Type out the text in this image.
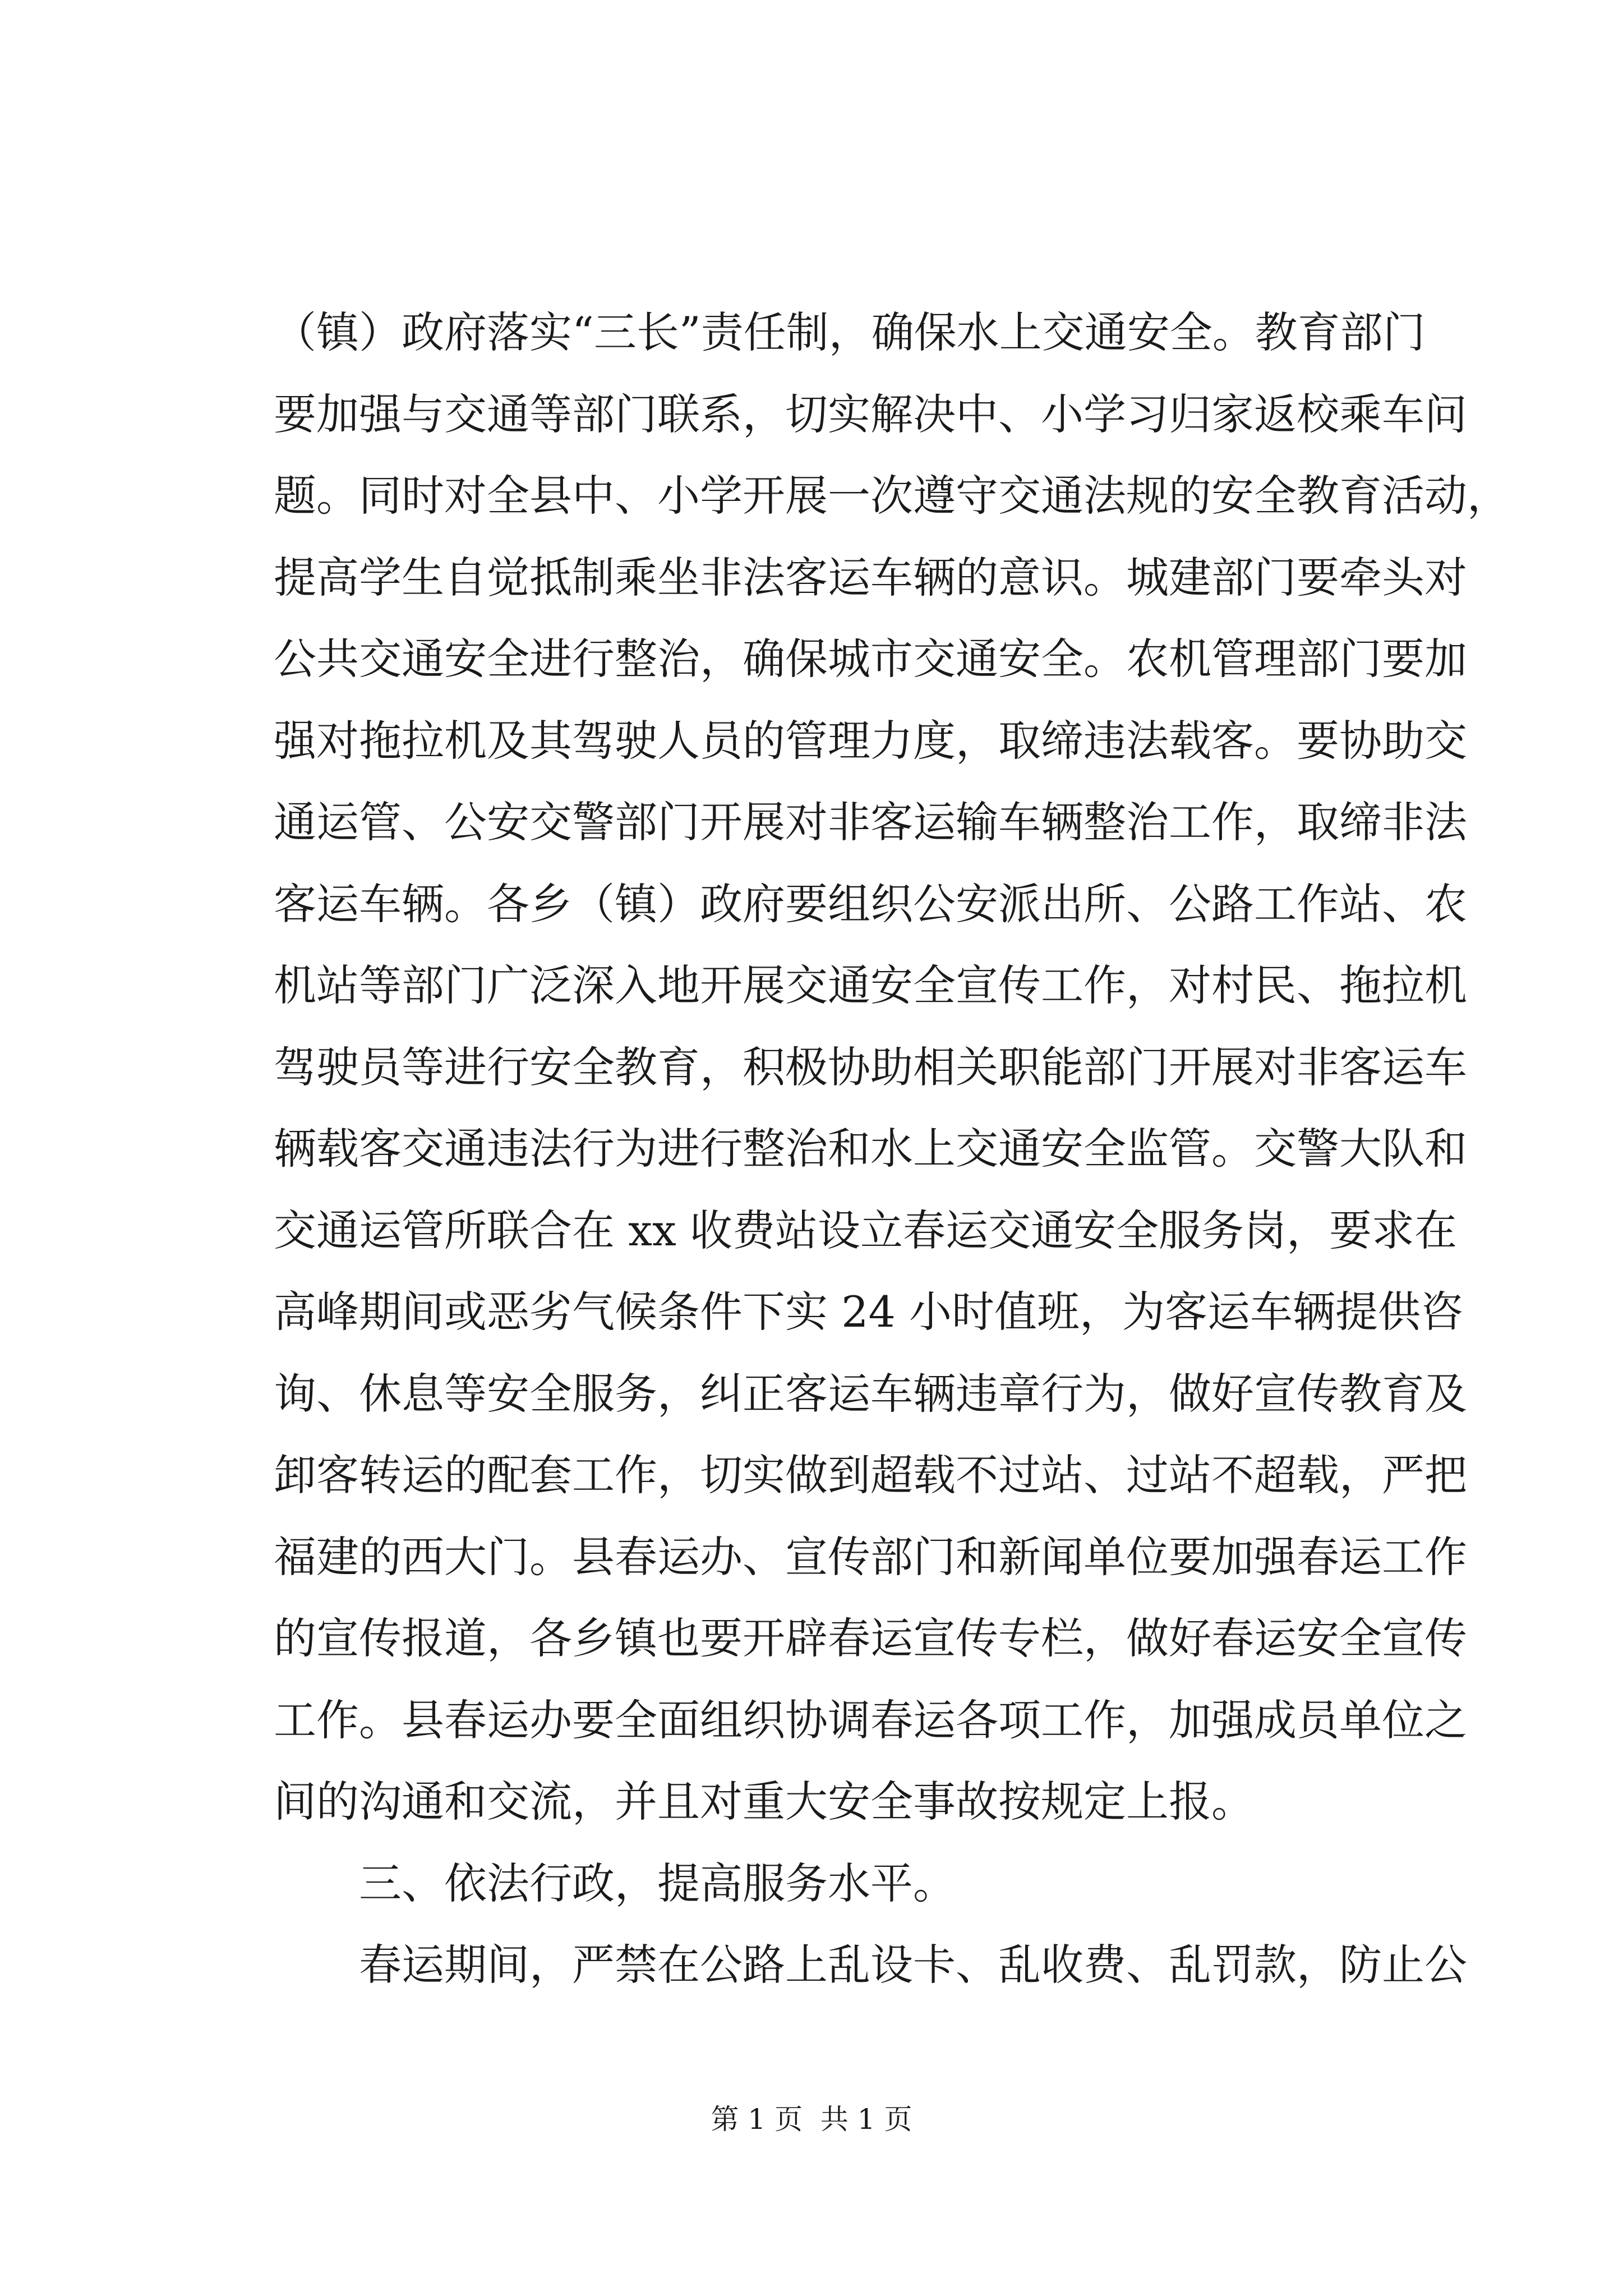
（镇）政府落实“三长”责任制，确保水上交通安全。教育部门
要加强与交通等部门联系，切实解决中、小学习归家返校乘车问
题。同时对全县中、小学开展一次遵守交通法规的安全教育活动，
提高学生自觉抵制乘坐非法客运车辆的意识。城建部门要牵头对
公共交通安全进行整治，确保城市交通安全。农机管理部门要加
强对拖拉机及其驾驶人员的管理力度，取缔违法载客。要协助交
通运管、公安交警部门开展对非客运输车辆整治工作，取缔非法
客运车辆。各乡（镇）政府要组织公安派出所、公路工作站、农
机站等部门广泛深入地开展交通安全宣传工作，对村民、拖拉机
驾驶员等进行安全教育，积极协助相关职能部门开展对非客运车
辆载客交通违法行为进行整治和水上交通安全监管。交警大队和
交通运管所联合在 xx 收费站设立春运交通安全服务岗，要求在
高峰期间或恶劣气候条件下实 24 小时值班，为客运车辆提供咨
询、休息等安全服务，纠正客运车辆违章行为，做好宣传教育及
卸客转运的配套工作，切实做到超载不过站、过站不超载，严把
福建的西大门。县春运办、宣传部门和新闻单位要加强春运工作
的宣传报道，各乡镇也要开辟春运宣传专栏，做好春运安全宣传
工作。县春运办要全面组织协调春运各项工作，加强成员单位之
间的沟通和交流，并且对重大安全事故按规定上报。
三、依法行政，提高服务水平。
春运期间，严禁在公路上乱设卡、乱收费、乱罚款，防止公
第 1 页  共 1 页
